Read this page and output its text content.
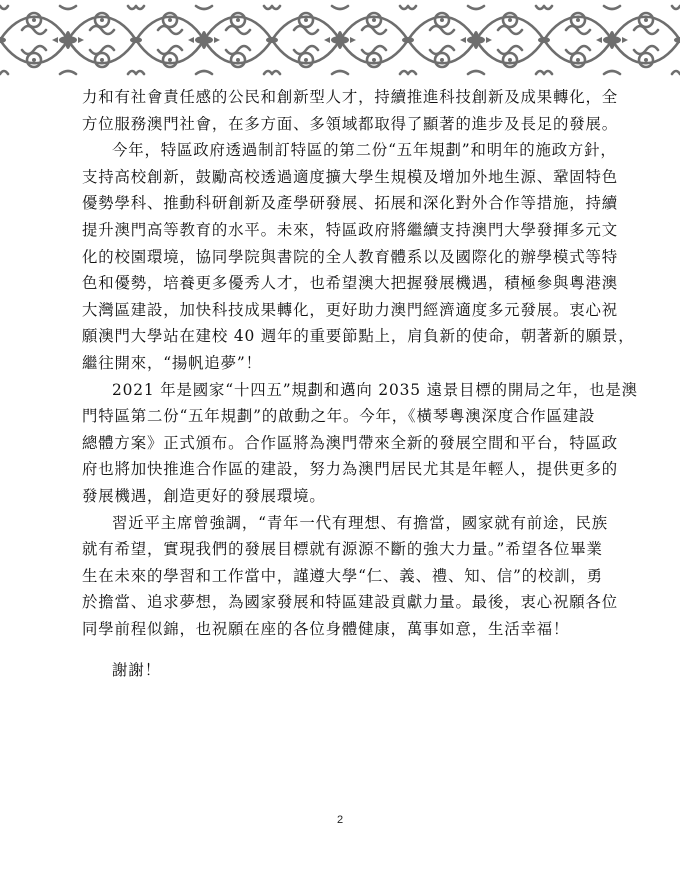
力和有社會責任感的公民和創新型人才，持續推進科技創新及成果轉化，全
方位服務澳門社會，在多方面、多領域都取得了顯著的進步及長足的發展。
今年，特區政府透過制訂特區的第二份“五年規劃”和明年的施政方針，
支持高校創新，鼓勵高校透過適度擴大學生規模及增加外地生源、鞏固特色
優勢學科、推動科研創新及產學研發展、拓展和深化對外合作等措施，持續
提升澳門高等教育的水平。未來，特區政府將繼續支持澳門大學發揮多元文
化的校園環境，協同學院與書院的全人教育體系以及國際化的辦學模式等特
色和優勢，培養更多優秀人才，也希望澳大把握發展機遇，積極參與粵港澳
大灣區建設，加快科技成果轉化，更好助力澳門經濟適度多元發展。衷心祝
願澳門大學站在建校 40 週年的重要節點上，肩負新的使命，朝著新的願景，
繼往開來，“揚帆追夢”！
2021 年是國家“十四五”規劃和邁向 2035 遠景目標的開局之年，也是澳
門特區第二份“五年規劃”的啟動之年。今年，《橫琴粵澳深度合作區建設
總體方案》正式頒布。合作區將為澳門帶來全新的發展空間和平台，特區政
府也將加快推進合作區的建設，努力為澳門居民尤其是年輕人，提供更多的
發展機遇，創造更好的發展環境。
習近平主席曾強調，“青年一代有理想、有擔當，國家就有前途，民族
就有希望，實現我們的發展目標就有源源不斷的強大力量。”希望各位畢業
生在未來的學習和工作當中，謹遵大學“仁、義、禮、知、信”的校訓，勇
於擔當、追求夢想，為國家發展和特區建設貢獻力量。最後，衷心祝願各位
同學前程似錦，也祝願在座的各位身體健康，萬事如意，生活幸福！
謝謝！
2
